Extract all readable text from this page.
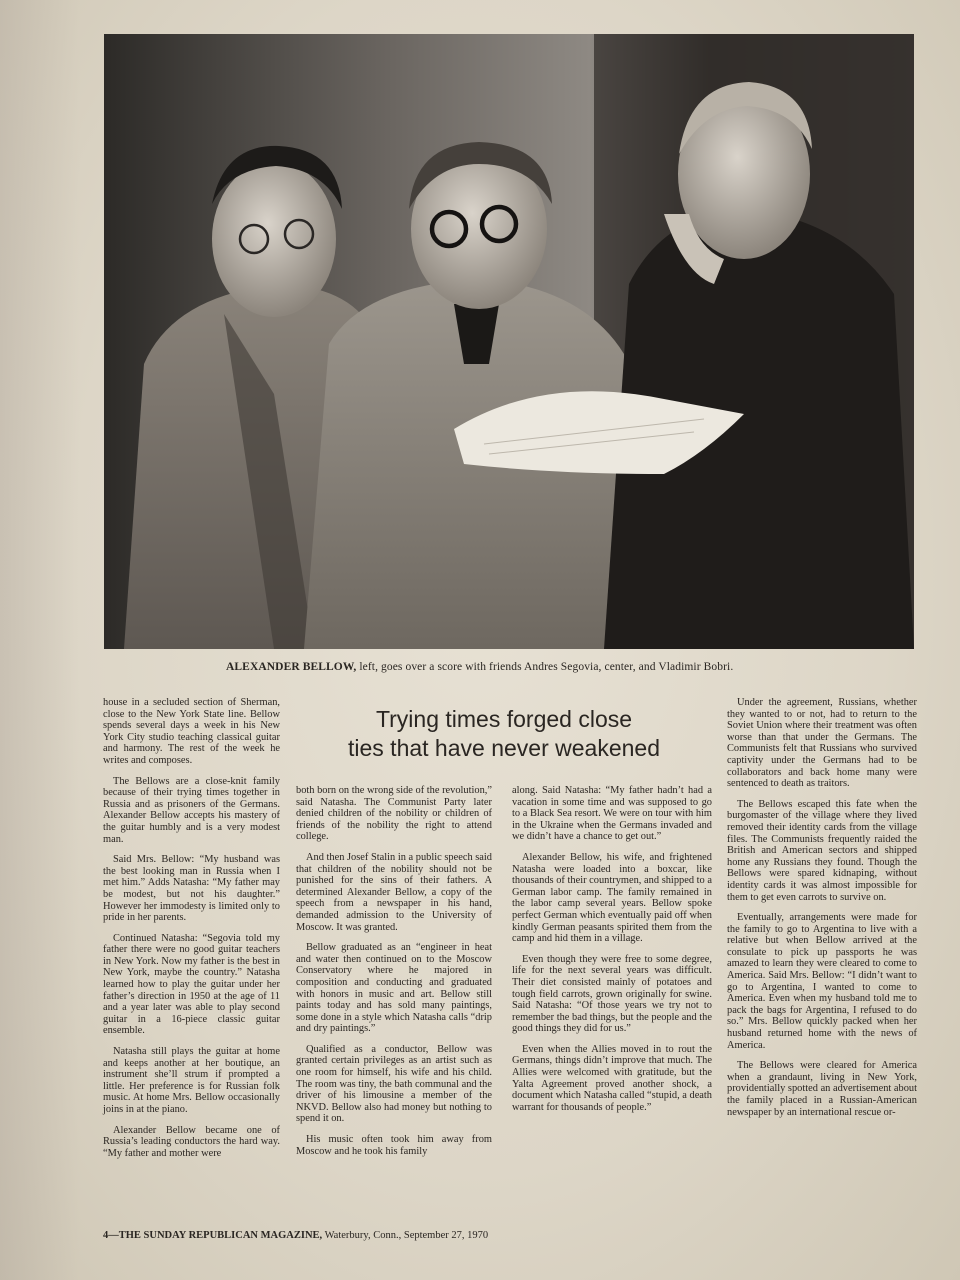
ALEXANDER BELLOW, left, goes over a score with friends Andres Segovia, center, and Vladimir Bobri.
Trying times forged close
ties that have never weakened

house in a secluded section of Sherman, close to the New York State line. Bellow spends several days a week in his New York City studio teaching classical guitar and harmony. The rest of the week he writes and composes.

The Bellows are a close-knit family because of their trying times together in Russia and as prisoners of the Germans. Alexander Bellow accepts his mastery of the guitar humbly and is a very modest man.

Said Mrs. Bellow: “My husband was the best looking man in Russia when I met him.” Adds Natasha: “My father may be modest, but not his daughter.” However her immodesty is limited only to pride in her parents.

Continued Natasha: “Segovia told my father there were no good guitar teachers in New York. Now my father is the best in New York, maybe the country.” Natasha learned how to play the guitar under her father’s direction in 1950 at the age of 11 and a year later was able to play second guitar in a 16-piece classic guitar ensemble.

Natasha still plays the guitar at home and keeps another at her boutique, an instrument she’ll strum if prompted a little. Her preference is for Russian folk music. At home Mrs. Bellow occasionally joins in at the piano.

Alexander Bellow became one of Russia’s leading conductors the hard way. “My father and mother were

both born on the wrong side of the revolution,” said Natasha. The Communist Party later denied children of the nobility or children of friends of the nobility the right to attend college.

And then Josef Stalin in a public speech said that children of the nobility should not be punished for the sins of their fathers. A determined Alexander Bellow, a copy of the speech from a newspaper in his hand, demanded admission to the University of Moscow. It was granted.

Bellow graduated as an “engineer in heat and water then continued on to the Moscow Conservatory where he majored in composition and conducting and graduated with honors in music and art. Bellow still paints today and has sold many paintings, some done in a style which Natasha calls “drip and dry paintings.”

Qualified as a conductor, Bellow was granted certain privileges as an artist such as one room for himself, his wife and his child. The room was tiny, the bath communal and the driver of his limousine a member of the NKVD. Bellow also had money but nothing to spend it on.

His music often took him away from Moscow and he took his family

along. Said Natasha: “My father hadn’t had a vacation in some time and was supposed to go to a Black Sea resort. We were on tour with him in the Ukraine when the Germans invaded and we didn’t have a chance to get out.”

Alexander Bellow, his wife, and frightened Natasha were loaded into a boxcar, like thousands of their countrymen, and shipped to a German labor camp. The family remained in the labor camp several years. Bellow spoke perfect German which eventually paid off when kindly German peasants spirited them from the camp and hid them in a village.

Even though they were free to some degree, life for the next several years was difficult. Their diet consisted mainly of potatoes and tough field carrots, grown originally for swine. Said Natasha: “Of those years we try not to remember the bad things, but the people and the good things they did for us.”

Even when the Allies moved in to rout the Germans, things didn’t improve that much. The Allies were welcomed with gratitude, but the Yalta Agreement proved another shock, a document which Natasha called “stupid, a death warrant for thousands of people.”

Under the agreement, Russians, whether they wanted to or not, had to return to the Soviet Union where their treatment was often worse than that under the Germans. The Communists felt that Russians who survived captivity under the Germans had to be collaborators and back home many were sentenced to death as traitors.

The Bellows escaped this fate when the burgomaster of the village where they lived removed their identity cards from the village files. The Communists frequently raided the British and American sectors and shipped home any Russians they found. Though the Bellows were spared kidnaping, without identity cards it was almost impossible for them to get even carrots to survive on.

Eventually, arrangements were made for the family to go to Argentina to live with a relative but when Bellow arrived at the consulate to pick up passports he was amazed to learn they were cleared to come to America. Said Mrs. Bellow: “I didn’t want to go to Argentina, I wanted to come to America. Even when my husband told me to pack the bags for Argentina, I refused to do so.” Mrs. Bellow quickly packed when her husband returned home with the news of America.

The Bellows were cleared for America when a grandaunt, living in New York, providentially spotted an advertisement about the family placed in a Russian-American newspaper by an international rescue or-

4—THE SUNDAY REPUBLICAN MAGAZINE, Waterbury, Conn., September 27, 1970
